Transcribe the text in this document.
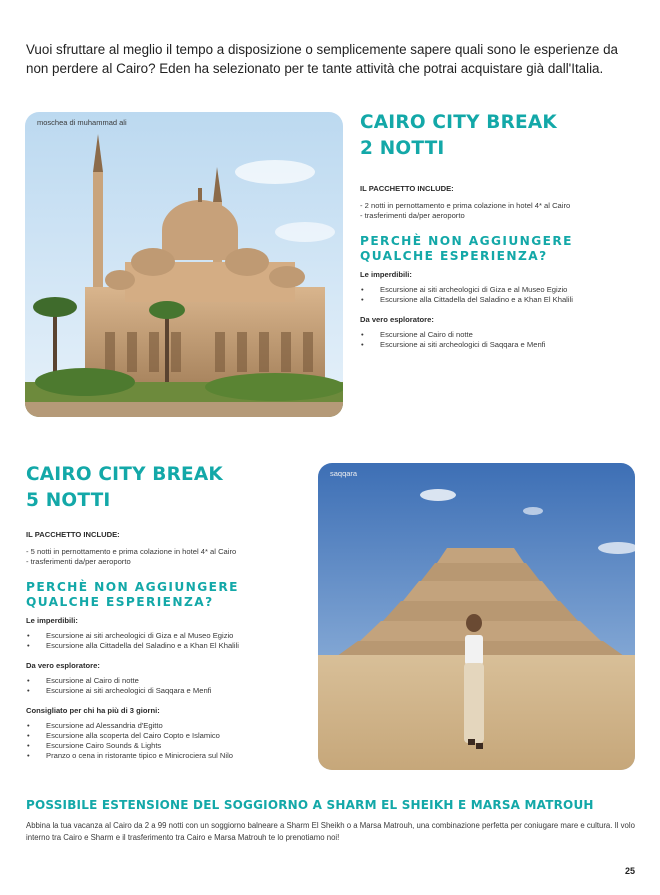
Vuoi sfruttare al meglio il tempo a disposizione o semplicemente sapere quali sono le esperienze da non perdere al Cairo? Eden ha selezionato per te tante attività che potrai acquistare già dall'Italia.

moschea di muhammad ali	CAIRO CITY BREAK
2 NOTTI
IL PACCHETTO INCLUDE:
- 2 notti in pernottamento e prima colazione in hotel 4* al Cairo
- trasferimenti da/per aeroporto
PERCHÈ NON AGGIUNGERE
QUALCHE ESPERIENZA?
Le imperdibili:
• Escursione ai siti archeologici di Giza e al Museo Egizio
• Escursione alla Cittadella del Saladino e a Khan El Khalili
Da vero esploratore:
• Escursione al Cairo di notte
• Escursione ai siti archeologici di Saqqara e Menfi
CAIRO CITY BREAK
5 NOTTI
IL PACCHETTO INCLUDE:
- 5 notti in pernottamento e prima colazione in hotel 4* al Cairo
- trasferimenti da/per aeroporto
PERCHÈ NON AGGIUNGERE
QUALCHE ESPERIENZA?
Le imperdibili:
• Escursione ai siti archeologici di Giza e al Museo Egizio
• Escursione alla Cittadella del Saladino e a Khan El Khalili
Da vero esploratore:
• Escursione al Cairo di notte
• Escursione ai siti archeologici di Saqqara e Menfi
Consigliato per chi ha più di 3 giorni:
• Escursione ad Alessandria d'Egitto
• Escursione alla scoperta del Cairo Copto e Islamico
• Escursione Cairo Sounds & Lights
• Pranzo o cena in ristorante tipico e Minicrociera sul Nilo
saqqara
POSSIBILE ESTENSIONE DEL SOGGIORNO A SHARM EL SHEIKH E MARSA MATROUH

Abbina la tua vacanza al Cairo da 2 a 99 notti con un soggiorno balneare a Sharm El Sheikh o a Marsa Matrouh, una combinazione perfetta per coniugare mare e cultura. Il volo interno tra Cairo e Sharm e il trasferimento tra Cairo e Marsa Matrouh te lo prenotiamo noi!

25
